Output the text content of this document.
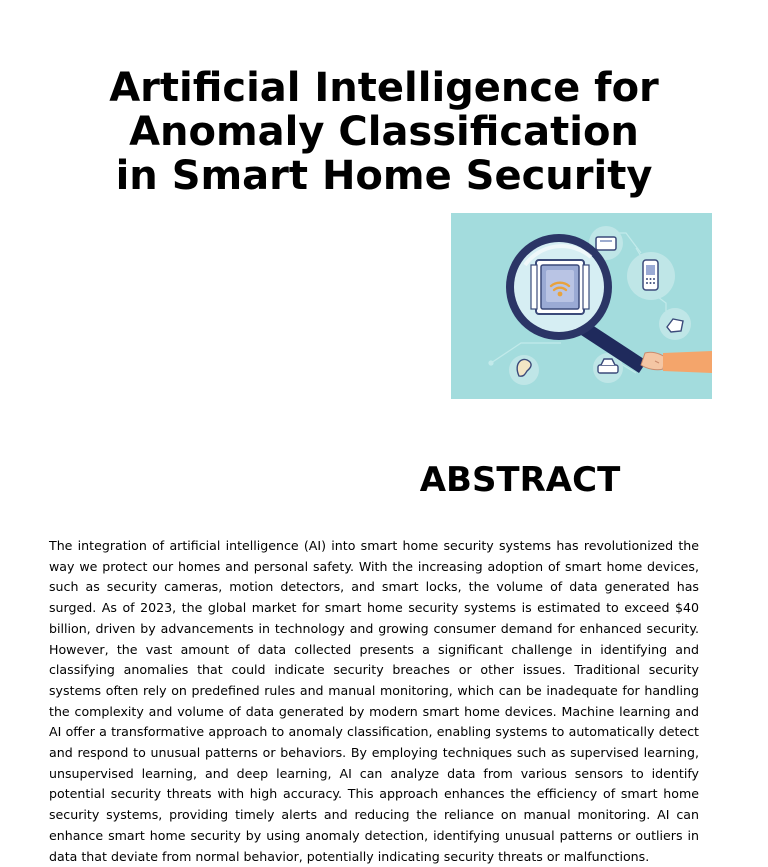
Artificial Intelligence for
Anomaly Classification
in Smart Home Security
ABSTRACT

The integration of artificial intelligence (AI) into smart home security systems has revolutionized the way we protect our homes and personal safety. With the increasing adoption of smart home devices, such as security cameras, motion detectors, and smart locks, the volume of data generated has surged. As of 2023, the global market for smart home security systems is estimated to exceed $40 billion, driven by advancements in technology and growing consumer demand for enhanced security. However, the vast amount of data collected presents a significant challenge in identifying and classifying anomalies that could indicate security breaches or other issues. Traditional security systems often rely on predefined rules and manual monitoring, which can be inadequate for handling the complexity and volume of data generated by modern smart home devices. Machine learning and AI offer a transformative approach to anomaly classification, enabling systems to automatically detect and respond to unusual patterns or behaviors. By employing techniques such as supervised learning, unsupervised learning, and deep learning, AI can analyze data from various sensors to identify potential security threats with high accuracy. This approach enhances the efficiency of smart home security systems, providing timely alerts and reducing the reliance on manual monitoring. AI can enhance smart home security by using anomaly detection, identifying unusual patterns or outliers in data that deviate from normal behavior, potentially indicating security threats or malfunctions.
